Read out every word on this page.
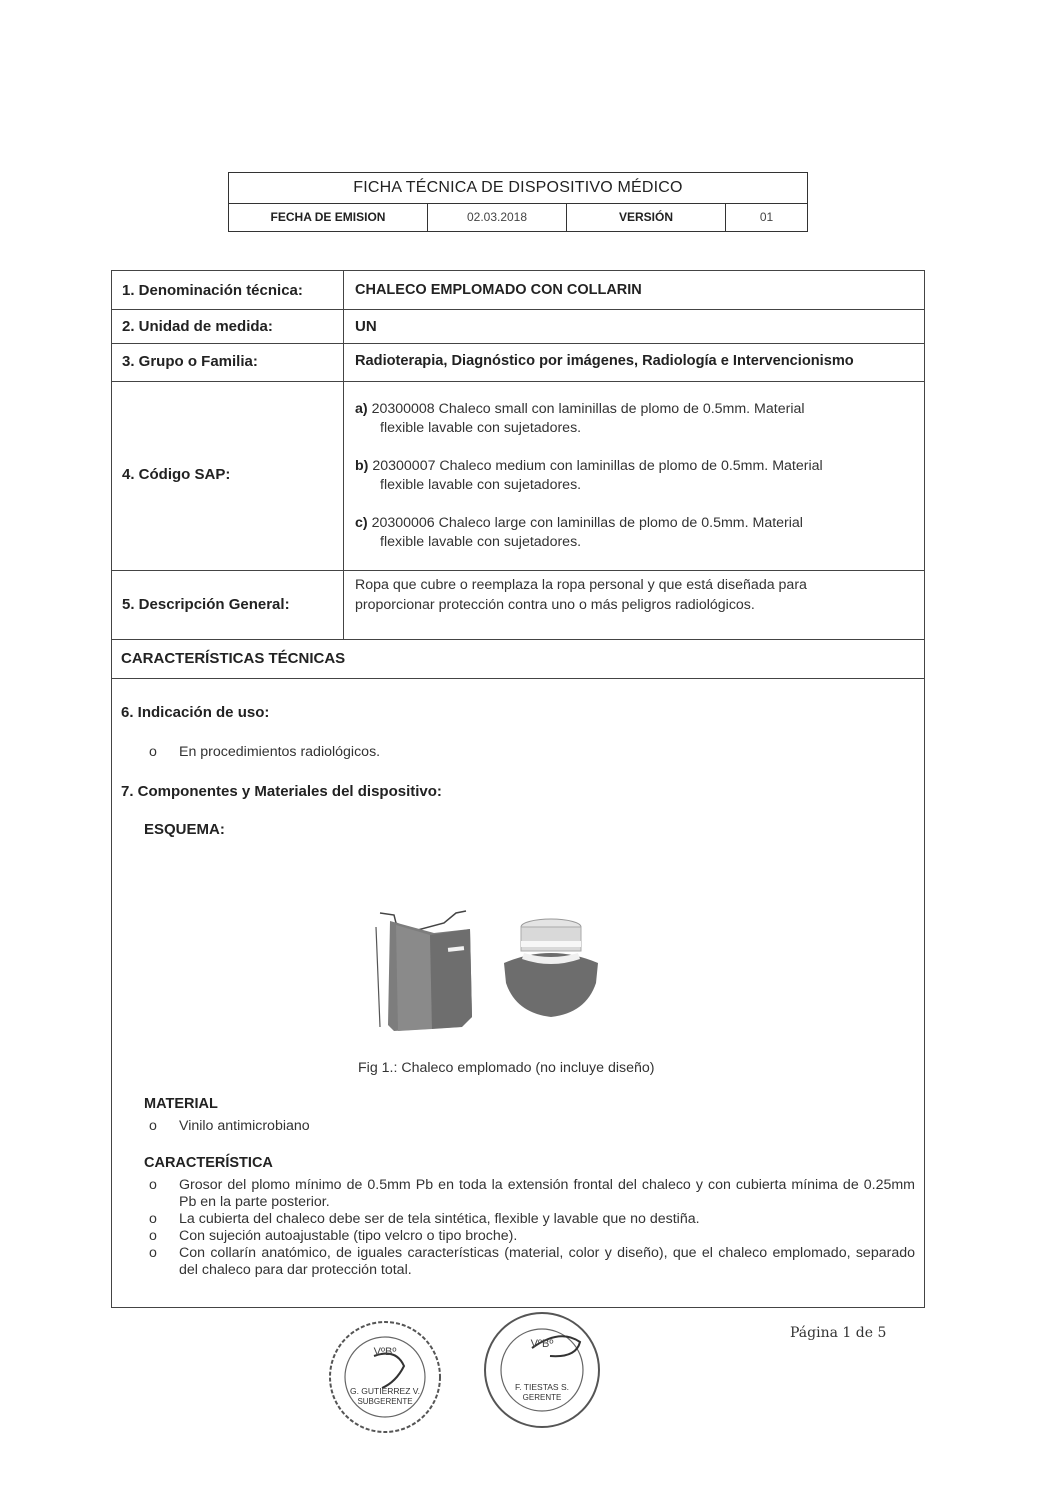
FICHA TÉCNICA DE DISPOSITIVO MÉDICO
FECHA DE EMISION	02.03.2018	VERSIÓN	01
1. Denominación técnica:	CHALECO EMPLOMADO CON COLLARIN
2. Unidad de medida:	UN
3. Grupo o Familia:	Radioterapia, Diagnóstico por imágenes, Radiología e Intervencionismo
4. Código SAP:
a) 20300008 Chaleco small con laminillas de plomo de 0.5mm. Material
flexible lavable con sujetadores.
b) 20300007 Chaleco medium con laminillas de plomo de 0.5mm. Material
flexible lavable con sujetadores.
c) 20300006 Chaleco large con laminillas de plomo de 0.5mm. Material
flexible lavable con sujetadores.
5. Descripción General:
Ropa que cubre o reemplaza la ropa personal y que está diseñada para
proporcionar protección contra uno o más peligros radiológicos.
CARACTERÍSTICAS TÉCNICAS
6. Indicación de uso:
o En procedimientos radiológicos.
7. Componentes y Materiales del dispositivo:
ESQUEMA:
Fig 1.: Chaleco emplomado (no incluye diseño)
MATERIAL
o Vinilo antimicrobiano
CARACTERÍSTICA
o Grosor del plomo mínimo de 0.5mm Pb en toda la extensión frontal del chaleco y con cubierta mínima de 0.25mm Pb en la parte posterior.
o La cubierta del chaleco debe ser de tela sintética, flexible y lavable que no destiña.
o Con sujeción autoajustable (tipo velcro o tipo broche).
o Con collarín anatómico, de iguales características (material, color y diseño), que el chaleco emplomado, separado del chaleco para dar protección total.
VºBº
G. GUTIERREZ V.
SUBGERENTE
VºBº
F. TIESTAS S.
GERENTE
Página 1 de 5
